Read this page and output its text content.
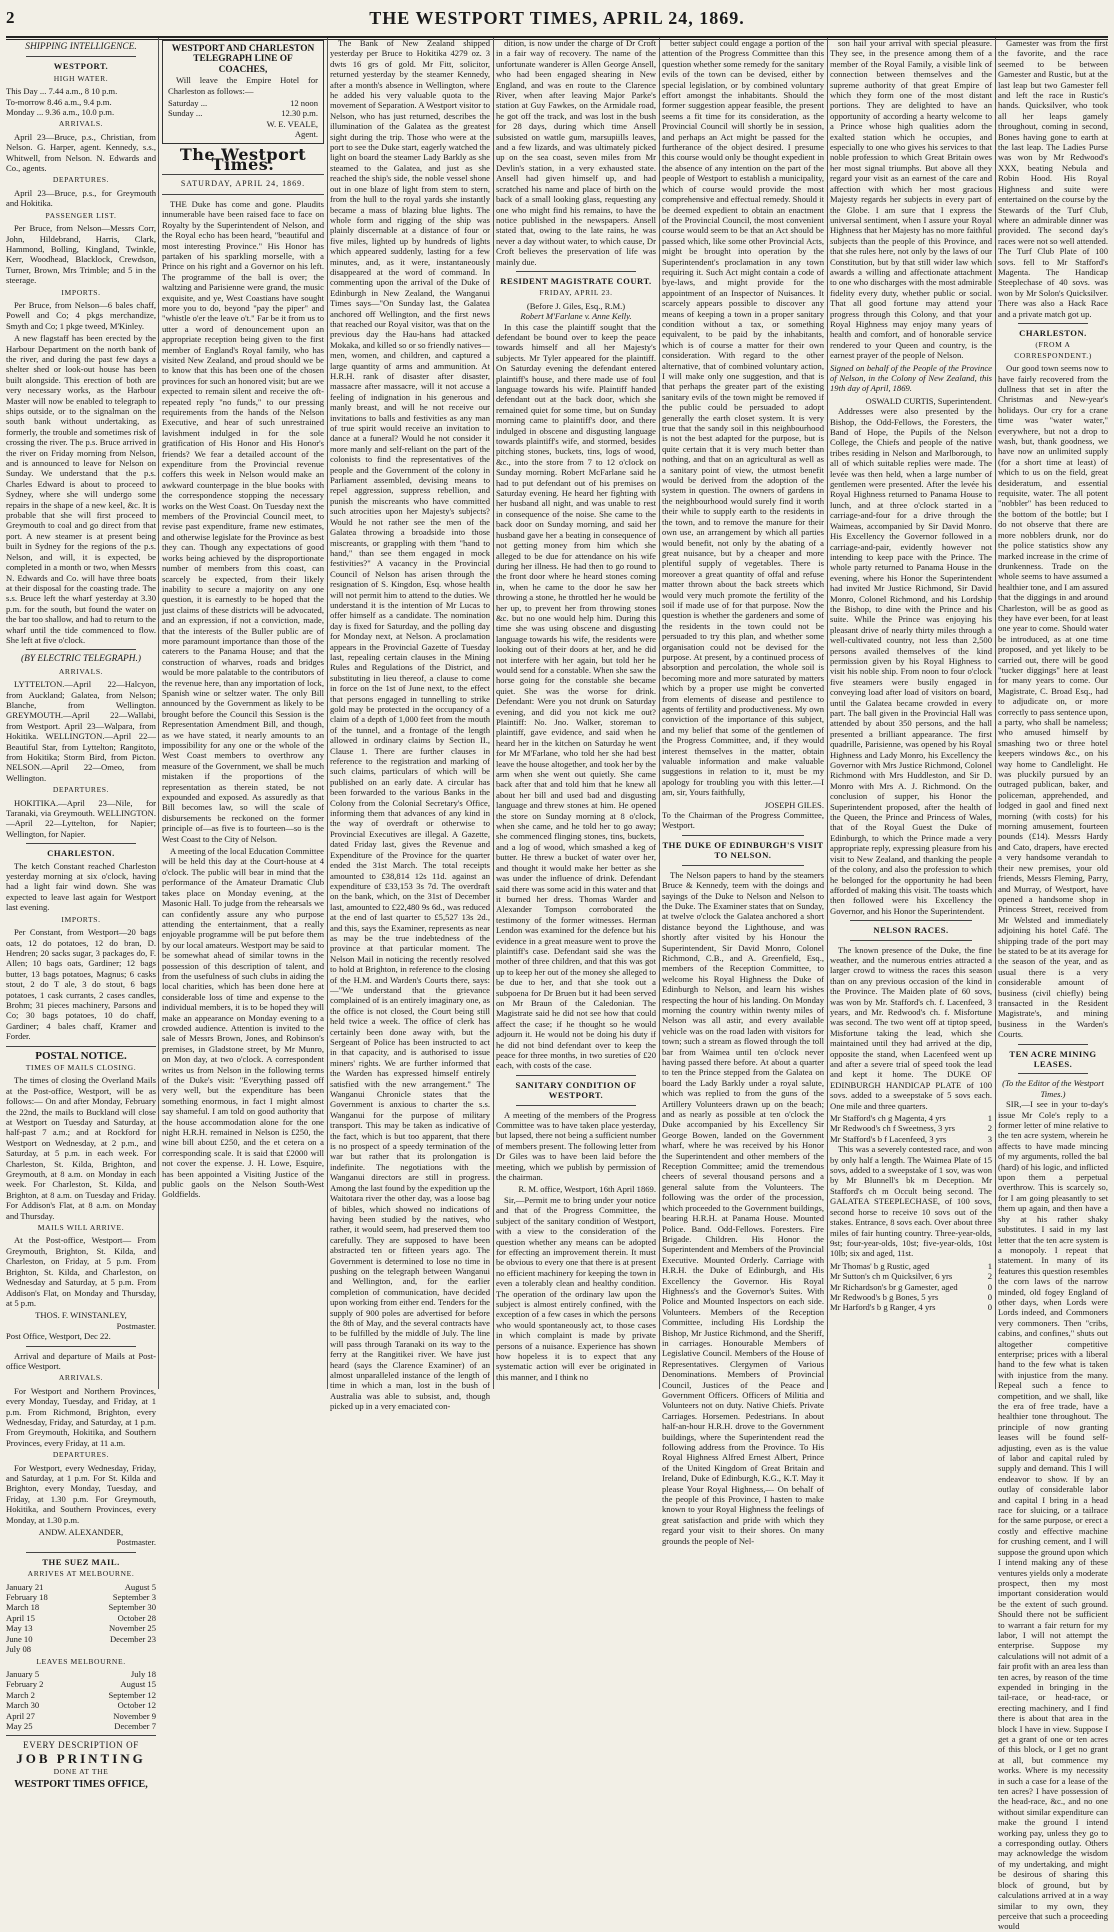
2	THE WESTPORT TIMES, APRIL 24, 1869.
SHIPPING INTELLIGENCE.
WESTPORT.
HIGH WATER.
This Day ... 7.44 a.m., 8 10 p.m.
To-morrow 8.46 a.m., 9.4 p.m.
Monday ... 9.36 a.m., 10.0 p.m.
ARRIVALS.

April 23—Bruce, p.s., Christian, from Nelson. G. Harper, agent. Kennedy, s.s., Whitwell, from Nelson. N. Edwards and Co., agents.

DEPARTURES.

April 23—Bruce, p.s., for Greymouth and Hokitika.

PASSENGER LIST.

Per Bruce, from Nelson—Messrs Corr, John, Hildebrand, Harris, Clark, Hammond, Bolling, Kingland, Twinkle, Kerr, Woodhead, Blacklock, Crewdson, Turner, Brown, Mrs Trimble; and 5 in the steerage.

IMPORTS.

Per Bruce, from Nelson—6 bales chaff, Powell and Co; 4 pkgs merchandize, Smyth and Co; 1 pkge tweed, M'Kinley.

A new flagstaff has been erected by the Harbour Department on the north bank of the river, and during the past few days a shelter shed or look-out house has been built alongside. This erection of both are very necessary works, as the Harbour Master will now be enabled to telegraph to ships outside, or to the signalman on the south bank without undertaking, as formerly, the trouble and sometimes risk of crossing the river. The p.s. Bruce arrived in the river on Friday morning from Nelson, and is announced to leave for Nelson on Sunday. We understand that the p.s. Charles Edward is about to proceed to Sydney, where she will undergo some repairs in the shape of a new keel, &c. It is probable that she will first proceed to Greymouth to coal and go direct from that port. A new steamer is at present being built in Sydney for the regions of the p.s. Nelson, and will, it is expected, be completed in a month or two, when Messrs N. Edwards and Co. will have three boats at their disposal for the coasting trade. The s.s. Bruce left the wharf yesterday at 3.30 p.m. for the south, but found the water on the bar too shallow, and had to return to the wharf until the tide commenced to flow. She left at five o'clock.

(BY ELECTRIC TELEGRAPH.)
ARRIVALS.

LYTTELTON.—April 22—Halcyon, from Auckland; Galatea, from Nelson; Blanche, from Wellington. GREYMOUTH.—April 22—Wallabi, from Westport. April 23—Walpara, from Hokitika. WELLINGTON.—April 22—Beautiful Star, from Lyttelton; Rangitoto, from Hokitika; Storm Bird, from Picton. NELSON.—April 22—Omeo, from Wellington.

DEPARTURES.

HOKITIKA.—April 23—Nile, for Taranaki, via Greymouth. WELLINGTON.—April 22—Lyttelton, for Napier; Wellington, for Napier.

CHARLESTON.

The ketch Constant reached Charleston yesterday morning at six o'clock, having had a light fair wind down. She was expected to leave last again for Westport last evening.

IMPORTS.

Per Constant, from Westport—20 bags oats, 12 do potatoes, 12 do bran, D. Hendren; 20 sacks sugar, 3 packages do, F. Allen; 10 bags oats, Gardiner; 12 bags butter, 13 bags potatoes, Magnus; 6 casks stout, 2 do T ale, 3 do stout, 6 bags potatoes, 1 cask currants, 2 cases candles, Brohm; 31 pieces machinery, Parsons and Co; 30 bags potatoes, 10 do chaff, Gardiner; 4 bales chaff, Kramer and Forder.

POSTAL NOTICE.
TIMES OF MAILS CLOSING.

The times of closing the Overland Mails at the Post-office, Westport, will be as follows:— On and after Monday, February the 22nd, the mails to Buckland will close at Westport on Tuesday and Saturday, at half-past 7 a.m.; and at Rockford for Westport on Wednesday, at 2 p.m., and Saturday, at 5 p.m. in each week. For Charleston, St. Kilda, Brighton, and Greymouth, at 8 a.m. on Monday in each week. For Charleston, St. Kilda, and Brighton, at 8 a.m. on Tuesday and Friday. For Addison's Flat, at 8 a.m. on Monday and Thursday.

MAILS WILL ARRIVE.

At the Post-office, Westport— From Greymouth, Brighton, St. Kilda, and Charleston, on Friday, at 5 p.m. From Brighton, St. Kilda, and Charleston, on Wednesday and Saturday, at 5 p.m. From Addison's Flat, on Monday and Thursday, at 5 p.m.

THOS. F. WINSTANLEY,
Postmaster.
Post Office, Westport, Dec 22.

Arrival and departure of Mails at Post-office Westport.

ARRIVALS.

For Westport and Northern Provinces, every Monday, Tuesday, and Friday, at 1 p.m. From Richmond, Brighton, every Wednesday, Friday, and Saturday, at 1 p.m. From Greymouth, Hokitika, and Southern Provinces, every Friday, at 11 a.m.

DEPARTURES.

For Westport, every Wednesday, Friday, and Saturday, at 1 p.m. For St. Kilda and Brighton, every Monday, Tuesday, and Friday, at 1.30 p.m. For Greymouth, Hokitika, and Southern Provinces, every Monday, at 1.30 p.m.

ANDW. ALEXANDER,
Postmaster.
THE SUEZ MAIL.
ARRIVES AT MELBOURNE.
January 21	August 5
February 18	September 3
March 18	September 30
April 15	October 28
May 13	November 25
June 10	December 23
July 08
LEAVES MELBOURNE.
January 5	July 18
February 2	August 15
March 2	September 12
March 30	October 12
April 27	November 9
May 25	December 7
EVERY DESCRIPTION OF
JOB PRINTING
DONE AT THE
WESTPORT TIMES OFFICE,
WESTPORT AND CHARLESTON TELEGRAPH LINE OF COACHES,

Will leave the Empire Hotel for Charleston as follows:—

Saturday ...	12 noon
Sunday ...	12.30 p.m.
W. E. VEALE,
Agent.
The Westport Times.
SATURDAY, APRIL 24, 1869.

THE Duke has come and gone. Plaudits innumerable have been raised face to face on Royalty by the Superintendent of Nelson, and the Royal echo has been heard, "beautiful and most interesting Province." His Honor has partaken of his sparkling morselle, with a Prince on his right and a Governor on his left. The programme of the ball is over; the waltzing and Parisienne were grand, the music exquisite, and ye, West Coastians have sought more you to do, beyond "pay the piper" and "whistle o'er the leave o't." Far be it from us to utter a word of denouncement upon an appropriate reception being given to the first member of England's Royal family, who has visited New Zealand, and proud should we be to know that this has been one of the chosen provinces for such an honored visit; but are we expected to remain silent and receive the oft-repeated reply "no funds," to our pressing requirements from the hands of the Nelson Executive, and hear of such unrestrained lavishment indulged in for the sole gratification of His Honor and His Honor's friends? We fear a detailed account of the expenditure from the Provincial revenue coffers this week in Nelson would make an awkward counterpage in the blue books with the correspondence stopping the necessary works on the West Coast. On Tuesday next the members of the Provincial Council meet, to revise past expenditure, frame new estimates, and otherwise legislate for the Province as best they can. Though any expectations of good works being achieved by the disproportionate number of members from this coast, can scarcely be expected, from their likely inability to secure a majority on any one question, it is earnestly to be hoped that the just claims of these districts will be advocated, and an expression, if not a conviction, made, that the interests of the Buller public are of more paramount importance than those of the caterers to the Panama House; and that the construction of wharves, roads and bridges would be more palatable to the contributors of the revenue here, than any importation of lock, Spanish wine or seltzer water. The only Bill announced by the Government as likely to be brought before the Council this Session is the Representation Amendment Bill, and though, as we have stated, it nearly amounts to an impossibility for any one or the whole of the West Coast members to overthrow any measure of the Government, we shall be much mistaken if the proportions of the representation as therein stated, be not expounded and exposed. As assuredly as that Bill becomes law, so will the scale of disbursements be reckoned on the former principle of—as five is to fourteen—so is the West Coast to the City of Nelson.

A meeting of the local Education Committee will be held this day at the Court-house at 4 o'clock. The public will bear in mind that the performance of the Amateur Dramatic Club takes place on Monday evening, at the Masonic Hall. To judge from the rehearsals we can confidently assure any who purpose attending the entertainment, that a really enjoyable programme will be put before them by our local amateurs. Westport may be said to be somewhat ahead of similar towns in the possession of this description of talent, and from the usefulness of such clubs in aiding the local charities, which has been done here at considerable loss of time and expense to the individual members, it is to be hoped they will make an appearance on Monday evening to a crowded audience. Attention is invited to the sale of Messrs Brown, Jones, and Robinson's premises, in Gladstone street, by Mr Munro, on Mon day, at two o'clock. A correspondent writes us from Nelson in the following terms of the Duke's visit: "Everything passed off very well, but the expenditure has been something enormous, in fact I might almost say shameful. I am told on good authority that the house accommodation alone for the one night H.R.H. remained in Nelson is £250, the wine bill about £250, and the et cetera on a corresponding scale. It is said that £2000 will not cover the expense. J. H. Lowe, Esquire, has been appointed a Visiting Justice of the public gaols on the Nelson South-West Goldfields.

The Bank of New Zealand shipped yesterday per Bruce to Hokitika 4279 oz. 3 dwts 16 grs of gold. Mr Fitt, solicitor, returned yesterday by the steamer Kennedy, after a month's absence in Wellington, where he added his very valuable quota to the movement of Separation. A Westport visitor to Nelson, who has just returned, describes the illumination of the Galatea as the greatest sight during the trip. Those who were at the port to see the Duke start, eagerly watched the light on board the steamer Lady Barkly as she steamed to the Galatea, and just as she reached the ship's side, the noble vessel shone out in one blaze of light from stem to stern, from the hull to the royal yards she instantly became a mass of blazing blue lights. The whole form and rigging of the ship was plainly discernable at a distance of four or five miles, lighted up by hundreds of lights which appeared suddenly, lasting for a few minutes, and, as it were, instantaneously disappeared at the word of command. In commenting upon the arrival of the Duke of Edinburgh in New Zealand, the Wanganui Times says—"On Sunday last, the Galatea anchored off Wellington, and the first news that reached our Royal visitor, was that on the previous day the Hau-hans had attacked Mokaka, and killed so or so friendly natives—men, women, and children, and captured a large quantity of arms and ammunition. At H.R.H. rank of disaster after disaster, massacre after massacre, will it not accuse a feeling of indignation in his generous and manly breast, and will he not receive our invitations to balls and festivities as any man of true spirit would receive an invitation to dance at a funeral? Would he not consider it more manly and self-reliant on the part of the colonists to find the representatives of the people and the Government of the colony in Parliament assembled, devising means to repel aggression, suppress rebellion, and punish the miscreants who have committed such atrocities upon her Majesty's subjects? Would he not rather see the men of the Galatea throwing a broadside into those miscreants, or grappling with them "hand to hand," than see them engaged in mock festivities?" A vacancy in the Provincial Council of Nelson has arisen through the resignation of S. Kingdon, Esq. whose health will not permit him to attend to the duties. We understand it is the intention of Mr Lucas to offer himself as a candidate. The nomination day is fixed for Saturday, and the polling day for Monday next, at Nelson. A proclamation appears in the Provincial Gazette of Tuesday last, repealing certain clauses in the Mining Rules and Regulations of the District, and substituting in lieu thereof, a clause to come in force on the 1st of June next, to the effect that persons engaged in tunnelling to strike gold may be protected in the occupancy of a claim of a depth of 1,000 feet from the mouth of the tunnel, and a frontage of the length allowed in ordinary claims by Section II., Clause 1. There are further clauses in reference to the registration and marking of such claims, particulars of which will be published on an early date. A circular has been forwarded to the various Banks in the Colony from the Colonial Secretary's Office, informing them that advances of any kind in the way of overdraft or otherwise to Provincial Executives are illegal. A Gazette, dated Friday last, gives the Revenue and Expenditure of the Province for the quarter ended the 31st March. The total receipts amounted to £38,814 12s 11d. against an expenditure of £33,153 3s 7d. The overdraft on the bank, which, on the 31st of December last, amounted to £22,480 9s 6d., was reduced at the end of last quarter to £5,527 13s 2d., and this, says the Examiner, represents as near as may be the true indebtedness of the province at that particular moment. The Nelson Mail in noticing the recently resolved to hold at Brighton, in reference to the closing of the H.M. and Warden's Courts there, says:—"We understand that the grievance complained of is an entirely imaginary one, as the office is not closed, the Court being still held twice a week. The office of clerk has certainly been done away with, but the Sergeant of Police has been instructed to act in that capacity, and is authorised to issue miners' rights. We are further informed that the Warden has expressed himself entirely satisfied with the new arrangement." The Wanganui Chronicle states that the Government is anxious to charter the s.s. Wanganui for the purpose of military transport. This may be taken as indicative of the fact, which is but too apparent, that there is no prospect of a speedy termination of the war but rather that its prolongation is indefinite. The negotiations with the Wanganui directors are still in progress. Among the last found by the expedition up the Waitotara river the other day, was a loose bag of bibles, which showed no indications of having been studied by the natives, who rather, it would seem, had preserved them too carefully. They are supposed to have been abstracted ten or fifteen years ago. The Government is determined to lose no time in pushing on the telegraph between Wanganui and Wellington, and, for the earlier completion of communication, have decided upon working from either end. Tenders for the supply of 900 poles are advertised for before the 8th of May, and the several contracts have to be fulfilled by the middle of July. The line will pass through Taranaki on its way to the ferry at the Rangitikei river. We have just heard (says the Clarence Examiner) of an almost unparalleled instance of the length of time in which a man, lost in the bush of Australia was able to subsist, and, though picked up in a very emaciated con-

dition, is now under the charge of Dr Croft in a fair way of recovery. The name of the unfortunate wanderer is Allen George Ansell, who had been engaged shearing in New England, and was en route to the Clarence River, when after leaving Major Parke's station at Guy Fawkes, on the Armidale road, he got off the track, and was lost in the bush for 28 days, during which time Ansell subsisted on wattle gum, marsupiills leaves, and a few lizards, and was ultimately picked up on the sea coast, seven miles from Mr Devlin's station, in a very exhausted state. Ansell had given himself up, and had scratched his name and place of birth on the back of a small looking glass, requesting any one who might find his remains, to have the notice published in the newspapers. Ansell stated that, owing to the late rains, he was never a day without water, to which cause, Dr Croft believes the preservation of life was mainly due.

RESIDENT MAGISTRATE COURT.
FRIDAY, APRIL 23.
(Before J. Giles, Esq., R.M.)
Robert M'Farlane v. Anne Kelly.

In this case the plaintiff sought that the defendant be bound over to keep the peace towards himself and all her Majesty's subjects. Mr Tyler appeared for the plaintiff. On Saturday evening the defendant entered plaintiff's house, and there made use of foul language towards his wife. Plaintiff handed defendant out at the back door, which she remained quiet for some time, but on Sunday morning came to plaintiff's door, and there indulged in obscene and disgusting language towards plaintiff's wife, and stormed, besides pitching stones, buckets, tins, logs of wood, &c., into the store from 7 to 12 o'clock on Sunday morning. Robert McFarlane said he had to put defendant out of his premises on Saturday evening. He heard her fighting with her husband all night, and was unable to rest in consequence of the noise. She came to the back door on Sunday morning, and said her husband gave her a beating in consequence of not getting money from him which she alleged to be due for attendance on his wife during her illness. He had then to go round to the front door where he heard stones coming in, when he came to the door he saw her throwing a stone, he throttled her he would be her up, to prevent her from throwing stones &c. but no one would help him. During this time she was using obscene and disgusting language towards his wife, the residents were looking out of their doors at her, and he did not interfere with her again, but told her he would send for a constable. When she saw the horse going for the constable she became quiet. She was the worse for drink. Defendant: Were you not drunk on Saturday evening, and did you not kick me out? Plaintiff: No. Jno. Walker, storeman to plaintiff, gave evidence, and said when he heard her in the kitchen on Saturday he went for Mr M'Farlane, who told her she had best leave the house altogether, and took her by the arm when she went out quietly. She came back after that and told him that he knew all about her bill and used bad and disgusting language and threw stones at him. He opened the store on Sunday morning at 8 o'clock, when she came, and he told her to go away; she commenced flinging stones, tins, buckets, and a log of wood, which smashed a keg of butter. He threw a bucket of water over her, and thought it would make her better as she was under the influence of drink. Defendant said there was some acid in this water and that it burned her dress. Thomas Warder and Alexander Tompson corroborated the testimony of the former witnesses. Herman Lendon was examined for the defence but his evidence in a great measure went to prove the plaintiff's case. Defendant said she was the mother of three children, and that this was got up to keep her out of the money she alleged to be due to her, and that she took out a subpoena for Dr Bruen but it had been served on Mr Braun of the Caledonian. The Magistrate said he did not see how that could affect the case; if he thought so he would adjourn it. He would not be doing his duty if he did not bind defendant over to keep the peace for three months, in two sureties of £20 each, with costs of the case.

SANITARY CONDITION OF WESTPORT.

A meeting of the members of the Progress Committee was to have taken place yesterday, but lapsed, there not being a sufficient number of members present. The following letter from Dr Giles was to have been laid before the meeting, which we publish by permission of the chairman.

R. M. office, Westport, 16th April 1869.

Sir,—Permit me to bring under your notice and that of the Progress Committee, the subject of the sanitary condition of Westport, with a view to the consideration of the question whether any means can be adopted for effecting an improvement therein. It must be obvious to every one that there is at present no efficient machinery for keeping the town in even a tolerably clean and healthy condition. The operation of the ordinary law upon the subject is almost entirely confined, with the exception of a few cases in which the persons who would spontaneously act, to those cases in which complaint is made by private persons of a nuisance. Experience has shown how hopeless it is to expect that any systematic action will ever be originated in this manner, and I think no

better subject could engage a portion of the attention of the Progress Committee than this question whether some remedy for the sanitary evils of the town can be devised, either by special legislation, or by combined voluntary effort amongst the inhabitants. Should the former suggestion appear feasible, the present seems a fit time for its consideration, as the Provincial Council will shortly be in session, and perhaps an Act might be passed for the furtherance of the object desired. I presume this course would only be thought expedient in the absence of any intention on the part of the people of Westport to establish a municipality, which of course would provide the most comprehensive and effectual remedy. Should it be deemed expedient to obtain an enactment of the Provincial Council, the most convenient course would seem to be that an Act should be passed which, like some other Provincial Acts, might be brought into operation by the Superintendent's proclamation in any town requiring it. Such Act might contain a code of bye-laws, and might provide for the appointment of an Inspector of Nuisances. It scarcely appears possible to discover any means of keeping a town in a proper sanitary condition without a tax, or something equivalent, to be paid by the inhabitants, which is of course a matter for their own consideration. With regard to the other alternative, that of combined voluntary action, I will make only one suggestion, and that is that perhaps the greater part of the existing sanitary evils of the town might be removed if the public could be persuaded to adopt generally the earth closet system. It is very true that the sandy soil in this neighbourhood is not the best adapted for the purpose, but is quite certain that it is very much better than nothing, and that on an agricultural as well as a sanitary point of view, the utmost benefit would be derived from the adoption of the system in question. The owners of gardens in the neighbourhood would surely find it worth their while to supply earth to the residents in the town, and to remove the manure for their own use, an arrangement by which all parties would benefit, not only by the abating of a great nuisance, but by a cheaper and more plentiful supply of vegetables. There is moreover a great quantity of offal and refuse matter thrown about the back streets which would very much promote the fertility of the soil if made use of for that purpose. Now the question is whether the gardeners and some of the residents in the town could not be persuaded to try this plan, and whether some organisation could not be devised for the purpose. At present, by a continued process of absorption and percolation, the whole soil is becoming more and more saturated by matters which by a proper use might be converted from elements of disease and pestilence to agents of fertility and productiveness. My own conviction of the importance of this subject, and my belief that some of the gentlemen of the Progress Committee, and, if they would interest themselves in the matter, obtain valuable information and make valuable suggestions in relation to it, must be my apology for troubling you with this letter.—I am, sir, Yours faithfully,

JOSEPH GILES.

To the Chairman of the Progress Committee, Westport.

THE DUKE OF EDINBURGH'S VISIT TO NELSON.

The Nelson papers to hand by the steamers Bruce & Kennedy, teem with the doings and sayings of the Duke to Nelson and Nelson to the Duke. The Examiner states that on Sunday, at twelve o'clock the Galatea anchored a short distance beyond the Lighthouse, and was shortly after visited by his Honour the Superintendent, Sir David Monro, Colonel Richmond, C.B., and A. Greenfield, Esq., members of the Reception Committee, to welcome his Royal Highness the Duke of Edinburgh to Nelson, and learn his wishes respecting the hour of his landing. On Monday morning the country within twenty miles of Nelson was all astir, and every available vehicle was on the road laden with visitors for town; such a stream as flowed through the toll bar from Waimea until ten o'clock never having passed there before. At about a quarter to ten the Prince stepped from the Galatea on board the Lady Barkly under a royal salute, which was replied to from the guns of the Artillery Volunteers drawn up on the beach; and as nearly as possible at ten o'clock the Duke accompanied by his Excellency Sir George Bowen, landed on the Government wharf, where he was received by his Honor the Superintendent and other members of the Reception Committee; amid the tremendous cheers of several thousand persons and a general salute from the Volunteers. The following was the order of the procession, which proceeded to the Government buildings, bearing H.R.H. at Panama House. Mounted Police. Band. Odd-Fellows. Foresters. Fire Brigade. Children. His Honor the Superintendent and Members of the Provincial Executive. Mounted Orderly. Carriage with H.R.H. the Duke of Edinburgh, and His Excellency the Governor. His Royal Highness's and the Governor's Suites. With Police and Mounted Inspectors on each side. Volunteers. Members of the Reception Committee, including His Lordship the Bishop, Mr Justice Richmond, and the Sheriff, in carriages. Honourable Members of Legislative Council. Members of the House of Representatives. Clergymen of Various Denominations. Members of Provincial Council, Justices of the Peace and Government Officers. Officers of Militia and Volunteers not on duty. Native Chiefs. Private Carriages. Horsemen. Pedestrians. In about half-an-hour H.R.H. drove to the Government buildings, where the Superintendent read the following address from the Province. To His Royal Highness Alfred Ernest Albert, Prince of the United Kingdom of Great Britain and Ireland, Duke of Edinburgh, K.G., K.T. May it please Your Royal Highness,— On behalf of the people of this Province, I hasten to make known to your Royal Highness the feelings of great satisfaction and pride with which they regard your visit to their shores. On many grounds the people of Nel-

son hail your arrival with special pleasure. They see, in the presence among them of a member of the Royal Family, a visible link of connection between themselves and the supreme authority of that great Empire of which they form one of the most distant portions. They are delighted to have an opportunity of according a hearty welcome to a Prince whose high qualities adorn the exalted station which he occupies, and especially to one who gives his services to that noble profession to which Great Britain owes her most signal triumphs. But above all they regard your visit as an earnest of the care and affection with which her most gracious Majesty regards her subjects in every part of the Globe. I am sure that I express the universal sentiment, when I assure your Royal Highness that her Majesty has no more faithful subjects than the people of this Province, and that she rules here, not only by the laws of our Constitution, but by that still wider law which awards a willing and affectionate attachment to one who discharges with the most admirable fidelity every duty, whether public or social. That all good fortune may attend your progress through this Colony, and that your Royal Highness may enjoy many years of health and comfort, and of honorable service rendered to your Queen and country, is the earnest prayer of the people of Nelson.

Signed on behalf of the People of the Province of Nelson, in the Colony of New Zealand, this 19th day of April, 1869.

OSWALD CURTIS, Superintendent.

Addresses were also presented by the Bishop, the Odd-Fellows, the Foresters, the Band of Hope, the Pupils of the Nelson College, the Chiefs and people of the native tribes residing in Nelson and Marlborough, to all of which suitable replies were made. The levée was then held, when a large number of gentlemen were presented. After the levée his Royal Highness returned to Panama House to lunch, and at three o'clock started in a carriage-and-four for a drive through the Waimeas, accompanied by Sir David Monro. His Excellency the Governor followed in a carriage-and-pair, evidently however not intending to keep pace with the Prince. The whole party returned to Panama House in the evening, where his Honor the Superintendent had invited Mr Justice Richmond, Sir David Monro, Colonel Richmond, and his Lordship the Bishop, to dine with the Prince and his suite. While the Prince was enjoying his pleasant drive of nearly thirty miles through a well-cultivated country, not less than 2,500 persons availed themselves of the kind permission given by his Royal Highness to visit his noble ship. From noon to four o'clock five steamers were busily engaged in conveying load after load of visitors on board, until the Galatea became crowded in every part. The ball given in the Provincial Hall was attended by about 350 persons, and the hall presented a brilliant appearance. The first quadrille, Parisienne, was opened by his Royal Highness and Lady Monro, his Excellency the Governor with Mrs Justice Richmond, Colonel Richmond with Mrs Huddleston, and Sir D. Monro with Mrs A. J. Richmond. On the conclusion of supper, his Honor the Superintendent proposed, after the health of the Queen, the Prince and Princess of Wales, that of the Royal Guest the Duke of Edinburgh, to which the Prince made a very appropriate reply, expressing pleasure from his visit to New Zealand, and thanking the people of the colony, and also the profession to which he belonged for the opportunity he had been afforded of making this visit. The toasts which then followed were his Excellency the Governor, and his Honor the Superintendent.

NELSON RACES.

The known presence of the Duke, the fine weather, and the numerous entries attracted a larger crowd to witness the races this season than on any previous occasion of the kind in the Province. The Maiden plate of 60 sovs, was won by Mr. Stafford's ch. f. Lacenfeed, 3 years, and Mr. Redwood's ch. f. Misfortune was second. The two went off at tiptop speed, Misfortune taking the lead, which she maintained until they had arrived at the dip, opposite the stand, when Lacenfeed went up and after a severe trial of speed took the lead and kept it home. The DUKE OF EDINBURGH HANDICAP PLATE of 100 sovs. added to a sweepstake of 5 sovs each. One mile and three quarters.

Mr Stafford's ch g Magenta, 4 yrs	1
Mr Redwood's ch f Sweetness, 3 yrs	2
Mr Stafford's b f Lacenfeed, 3 yrs	3

This was a severely contested race, and won by only half a length. The Waimea Plate of 15 sovs, added to a sweepstake of 1 sov, was won by Mr Blunnell's bk m Deception. Mr Stafford's ch m Occult being second. The GALATEA STEEPLECHASE, of 100 sovs, second horse to receive 10 sovs out of the stakes. Entrance, 8 sovs each. Over about three miles of fair hunting country. Three-year-olds, 9st; four-year-olds, 10st; five-year-olds, 10st 10lb; six and aged, 11st.

Mr Thomas' b g Rustic, aged	1
Mr Sutton's ch m Quicksilver, 6 yrs	2
Mr Richardson's br g Gamester, aged	0
Mr Redwood's b g Bones, 5 yrs	0
Mr Harford's b g Ranger, 4 yrs	0

Gamester was from the first the favorite, and the race seemed to be between Gamester and Rustic, but at the last leap but two Gamester fell and left the race in Rustic's hands. Quicksilver, who took all her leaps gamely throughout, coming in second, Bones having gone to earth at the last leap. The Ladies Purse was won by Mr Redwood's XXX, beating Nebula and Robin Hood. His Royal Highness and suite were entertained on the course by the Stewards of the Turf Club, where an admirable dinner was provided. The second day's races were not so well attended. The Turf Club Plate of 100 sovs. fell to Mr Stafford's Magenta. The Handicap Steeplechase of 40 sovs. was won by Mr Solon's Quicksilver. There was also a Hack Race and a private match got up.

CHARLESTON.
(FROM A CORRESPONDENT.)

Our good town seems now to have fairly recovered from the dullness that set in after the Christmas and New-year's holidays. Our cry for a crane time was "water water," everywhere, but not a drop to wash, but, thank goodness, we have now an unlimited supply (for a short time at least) of which to us on the field, great desideratum, and essential requisite, water. The all potent "nobbler" has been reduced to the bottom of the bottle; but I do not observe that there are more nobblers drunk, nor do the police statistics show any marked increase in the crime of drunkenness. Trade on the whole seems to have assumed a healthier tone, and I am assured that the diggings in and around Charleston, will be as good as they have ever been, for at least one year to come. Should water be introduced, as at one time proposed, and yet likely to be carried out, there will be good "tucker diggings" here at least for many years to come. Our Magistrate, C. Broad Esq., had to adjudicate on, or more correctly to pass sentence upon, a party, who shall be nameless; who amused himself by smashing two or three hotel keepers windows &c., on his way home to Candlelight. He was pluckily pursued by an outraged publican, baker, and policeman, apprehended, and lodged in gaol and fined next morning (with costs) for his morning amusement, fourteen pounds (£14). Messrs Hardy and Cato, drapers, have erected a very handsome verandah to their new premises, your old friends, Messrs Fleming, Parry, and Murray, of Westport, have opened a handsome shop in Princess Street, received from Mr Welsted and immediately adjoining his hotel Café. The shipping trade of the port may be stated to be at its average for the season of the year, and as usual there is a very considerable amount of business (civil chiefly) being transacted in the Resident Magistrate's, and mining business in the Warden's Courts.

TEN ACRE MINING LEASES.
(To the Editor of the Westport Times.)

SIR,—I see in your to-day's issue Mr Cole's reply to a former letter of mine relative to the ten acre system, wherein he affects to have made mincing of my arguments, rolled the bal (hard) of his logic, and inflicted upon them a perpetual overthrow. This is scarcely so, for I am going pleasantly to set them up again, and then have a shy at his rather shaky substitutes. I said in my last letter that the ten acre system is a monopoly. I repeat that statement. In many of its features this question resembles the corn laws of the narrow minded, old fogey England of other days, when Lords were Lords indeed, and Commoners very commoners. Then "cribs, cabins, and confines," shuts out altogether competitive enterprise; prices with a liberal hand to the few what is taken with injustice from the many. Repeal such a fence to competition, and we shall, like the era of free trade, have a healthier tone throughout. The principle of now granting leases will be found self-adjusting, even as is the value of labor and capital ruled by supply and demand. This I will endeavor to show. If by an outlay of considerable labor and capital I bring in a head race for sluicing, or a tailrace for the same purpose, or erect a costly and effective machine for crushing cement, and I will suppose the ground upon which I intend making any of these ventures yields only a moderate prospect, then my most important consideration would be the extent of such ground. Should there not be sufficient to warrant a fair return for my labor, I will not attempt the enterprise. Suppose my calculations will not admit of a fair profit with an area less than ten acres, by reason of the time expended in bringing in the tail-race, or head-race, or erecting machinery, and I find there is about that area in the block I have in view. Suppose I get a grant of one or ten acres of this block, or I get no grant at all, but commence my works. Where is my necessity in such a case for a lease of the ten acres? I have possession of the head-race, &c., and no one without similar expenditure can make the ground I intend working pay, unless they go to a corresponding outlay. Others may acknowledge the wisdom of my undertaking, and might be desirous of sharing this block of ground, but by calculations arrived at in a way similar to my own, they perceive that such a proceeding would
